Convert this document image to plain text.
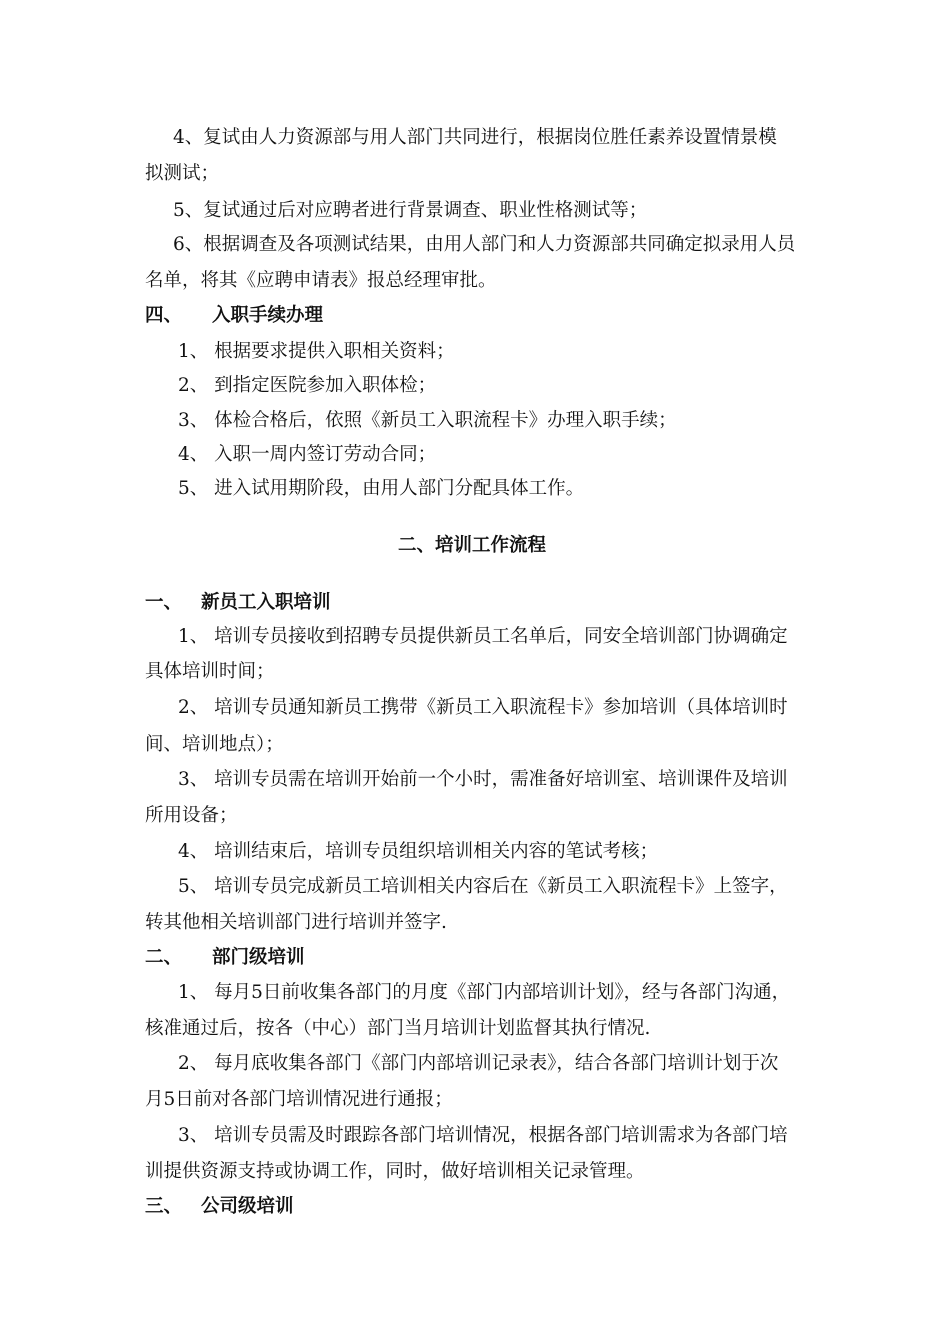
4、复试由人力资源部与用人部门共同进行，根据岗位胜任素养设置情景模
拟测试；
5、复试通过后对应聘者进行背景调查、职业性格测试等；
6、根据调查及各项测试结果，由用人部门和人力资源部共同确定拟录用人员
名单，将其《应聘申请表》报总经理审批。
四、 入职手续办理
1、 根据要求提供入职相关资料；
2、 到指定医院参加入职体检；
3、 体检合格后，依照《新员工入职流程卡》办理入职手续；
4、 入职一周内签订劳动合同；
5、 进入试用期阶段，由用人部门分配具体工作。
二、培训工作流程
一、 新员工入职培训
1、 培训专员接收到招聘专员提供新员工名单后，同安全培训部门协调确定
具体培训时间；
2、 培训专员通知新员工携带《新员工入职流程卡》参加培训（具体培训时
间、培训地点）；
3、 培训专员需在培训开始前一个小时，需准备好培训室、培训课件及培训
所用设备；
4、 培训结束后，培训专员组织培训相关内容的笔试考核；
5、 培训专员完成新员工培训相关内容后在《新员工入职流程卡》上签字，
转其他相关培训部门进行培训并签字.
二、 部门级培训
1、 每月5日前收集各部门的月度《部门内部培训计划》，经与各部门沟通，
核准通过后，按各（中心）部门当月培训计划监督其执行情况.
2、 每月底收集各部门《部门内部培训记录表》，结合各部门培训计划于次
月5日前对各部门培训情况进行通报；
3、 培训专员需及时跟踪各部门培训情况，根据各部门培训需求为各部门培
训提供资源支持或协调工作，同时，做好培训相关记录管理。
三、 公司级培训
